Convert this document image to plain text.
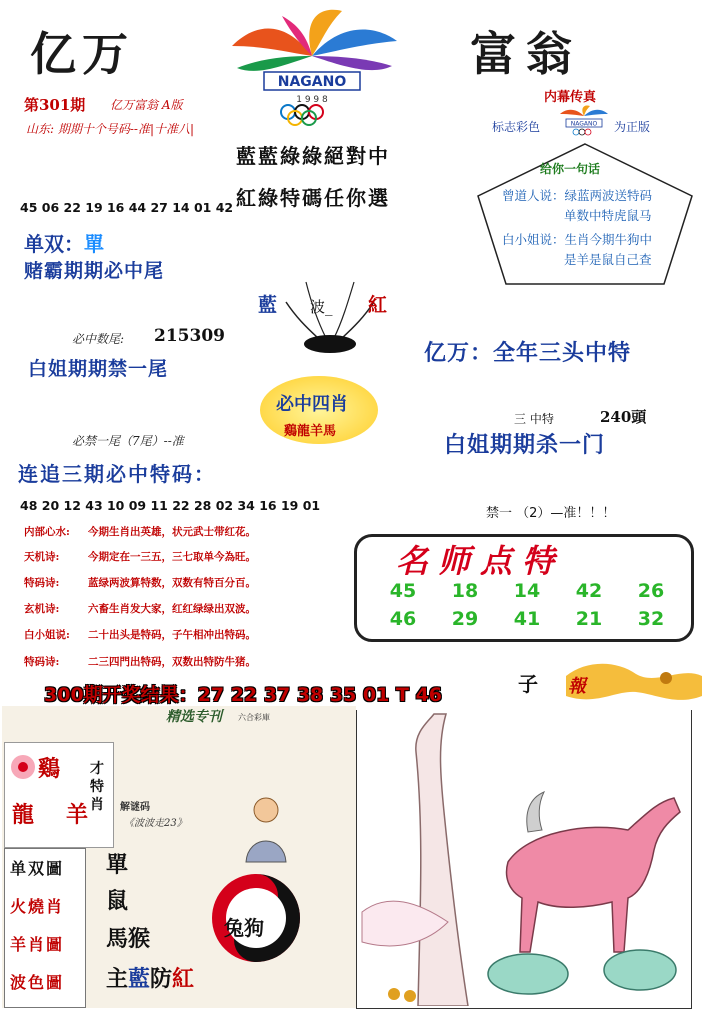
亿万	富翁
NAGANO
1 9 9 8
第301期 亿万富翁 A版
山东: 期期十个号码--准|十准八|
藍藍綠綠絕對中
紅綠特碼任你選
内幕传真
标志彩色	NAGANO 为正版
给你一句话
曾道人说：绿蓝两波送特码
单数中特虎鼠马
白小姐说：生肖今期牛狗中
是羊是鼠自己查
45 06 22 19 16 44 27 14 01 42
单双：單
赌霸期期必中尾
必中数尾: 215309
白姐期期禁一尾
必禁一尾（7尾）--准
连追三期必中特码：
48 20 12 43 10 09 11 22 28 02 34 16 19 01
藍 波_ 紅
必中四肖
鷄龍羊馬
亿万：全年三头中特
三 中特	240頭
白姐期期杀一门
禁一 （2）—准！！！
内部心水:	今期生肖出英雄，状元武士带红花。
天机诗:	今期定在一三五，三七取单今為旺。
特码诗:	蓝绿两波算特数，双数有特百分百。
玄机诗:	六畜生肖发大家，红红绿绿出双波。
白小姐说:	二十出头是特码，子午相冲出特码。
特码诗:	二三四門出特码，双数出特防牛猪。
名师点特
45	18	14	42	26
46	29	41	21	32
300期开奖结果：27 22 37 38 35 01 T 46
精选专刊 六合彩庫
鷄
龍 羊
才特肖	解谜码
《波波走23》
单双圖
火燒肖
羊肖圖
波色圖
單
鼠
馬猴
主藍防紅
兔狗
子 報
